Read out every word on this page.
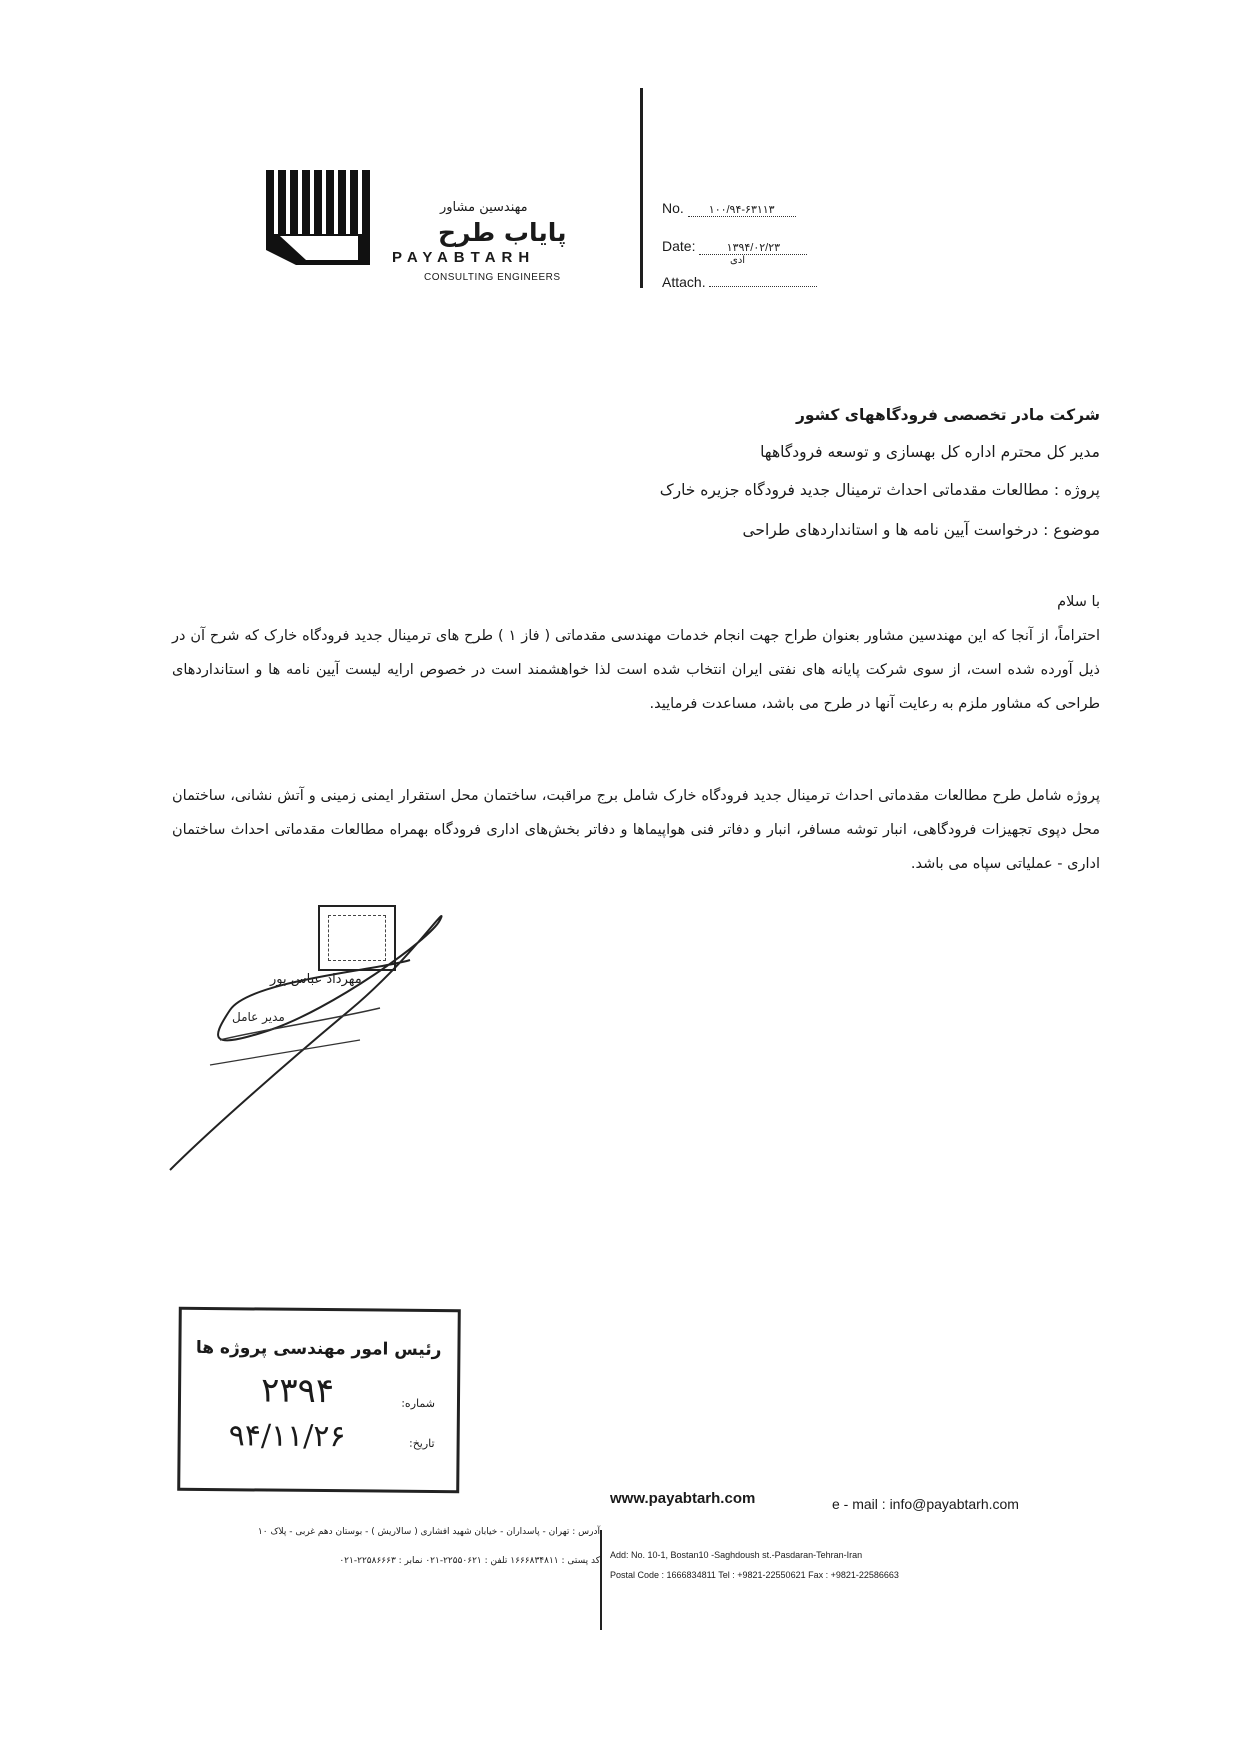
مهندسین مشاور
پایاب طرح
PAYABTARH
CONSULTING ENGINEERS
No. ۱۰۰/۹۴-۶۳۱۱۳
Date:	۱۳۹۴/۰۲/۲۳
ادی
Attach.
شرکت مادر تخصصی فرودگاههای کشور
مدیر کل محترم اداره کل بهسازی و توسعه فرودگاهها
پروژه : مطالعات مقدماتی احداث ترمینال جدید فرودگاه جزیره خارک
موضوع : درخواست آیین نامه ها و استانداردهای طراحی
با سلام
احتراماً، از آنجا که این مهندسین مشاور بعنوان طراح جهت انجام خدمات مهندسی مقدماتی ( فاز ۱ ) طرح های ترمینال جدید فرودگاه خارک که شرح آن در ذیل آورده شده است، از سوی شرکت پایانه های نفتی ایران انتخاب شده است لذا خواهشمند است در خصوص ارایه لیست آیین نامه ها و استانداردهای طراحی که مشاور ملزم به رعایت آنها در طرح می باشد، مساعدت فرمایید.
پروژه شامل طرح مطالعات مقدماتی احداث ترمینال جدید فرودگاه خارک شامل برج مراقبت، ساختمان محل استقرار ایمنی زمینی و آتش نشانی، ساختمان محل دپوی تجهیزات فرودگاهی، انبار توشه مسافر، انبار و دفاتر فنی هواپیماها و دفاتر بخش‌های اداری فرودگاه بهمراه مطالعات مقدماتی احداث ساختمان اداری - عملیاتی سپاه می باشد.
مهرداد عباس پور
مدیر عامل
رئیس امور مهندسی پروژه ها
شماره:
۲۳۹۴
تاریخ:
۹۴/۱۱/۲۶
www.payabtarh.com	e - mail : info@payabtarh.com
آدرس : تهران - پاسداران - خیابان شهید افشاری ( سالاریش ) - بوستان دهم غربی - پلاک ۱۰
کد پستی : ۱۶۶۶۸۳۴۸۱۱ تلفن : ۲۲۵۵۰۶۲۱-۰۲۱ نمابر : ۲۲۵۸۶۶۶۳-۰۲۱
Add: No. 10-1, Bostan10 -Saghdoush st.-Pasdaran-Tehran-Iran
Postal Code : 1666834811 Tel : +9821-22550621 Fax : +9821-22586663
